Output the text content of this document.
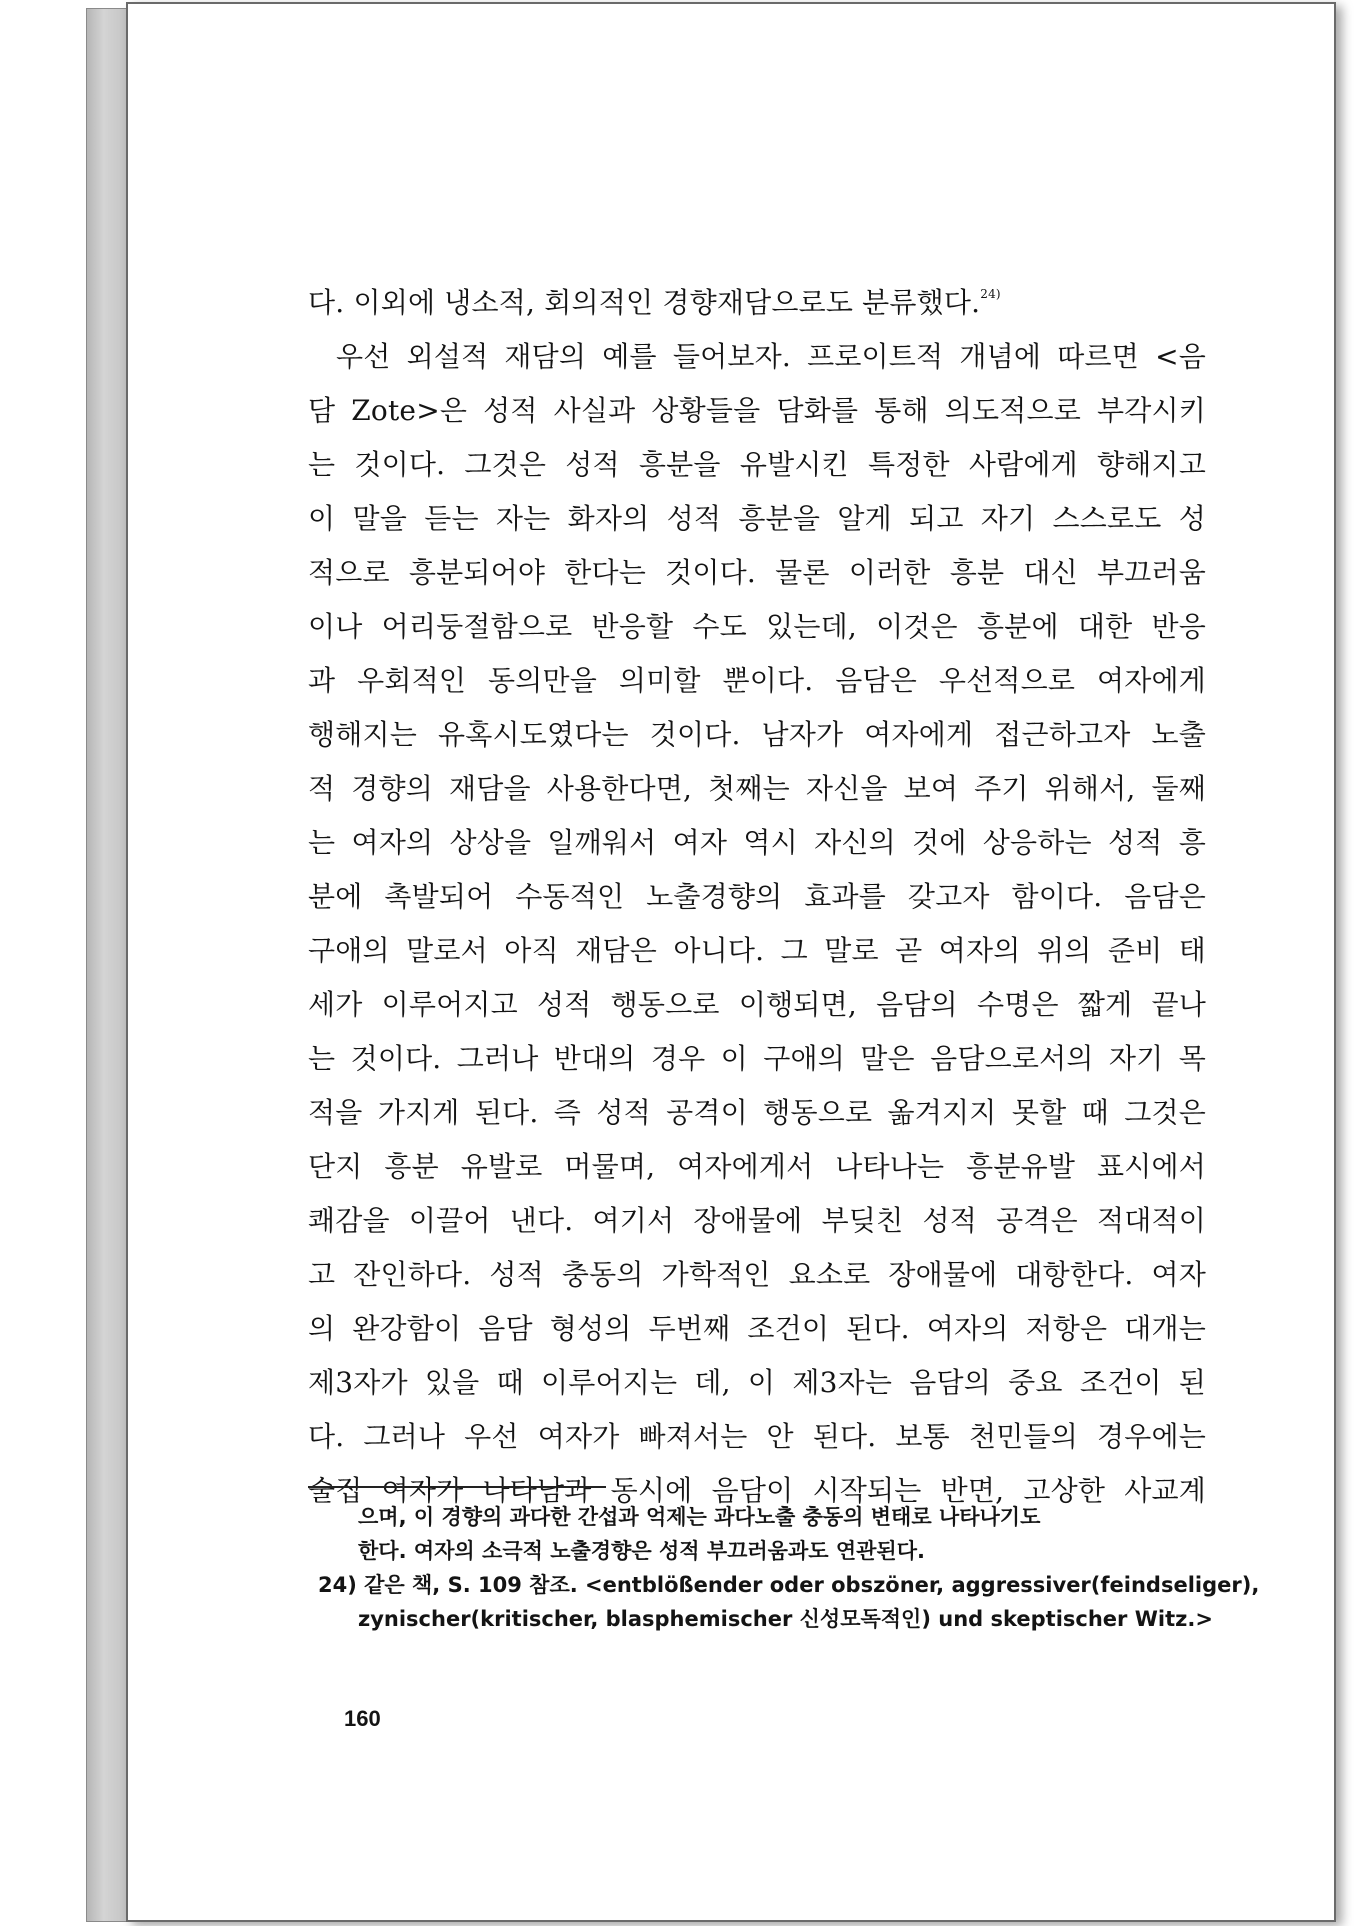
다. 이외에 냉소적, 회의적인 경향재담으로도 분류했다.$^{24)}$
우선 외설적 재담의 예를 들어보자. 프로이트적 개념에 따르면 <음
담 Zote>은 성적 사실과 상황들을 담화를 통해 의도적으로 부각시키
는 것이다. 그것은 성적 흥분을 유발시킨 특정한 사람에게 향해지고
이 말을 듣는 자는 화자의 성적 흥분을 알게 되고 자기 스스로도 성
적으로 흥분되어야 한다는 것이다. 물론 이러한 흥분 대신 부끄러움
이나 어리둥절함으로 반응할 수도 있는데, 이것은 흥분에 대한 반응
과 우회적인 동의만을 의미할 뿐이다. 음담은 우선적으로 여자에게
행해지는 유혹시도였다는 것이다. 남자가 여자에게 접근하고자 노출
적 경향의 재담을 사용한다면, 첫째는 자신을 보여 주기 위해서, 둘째
는 여자의 상상을 일깨워서 여자 역시 자신의 것에 상응하는 성적 흥
분에 촉발되어 수동적인 노출경향의 효과를 갖고자 함이다. 음담은
구애의 말로서 아직 재담은 아니다. 그 말로 곧 여자의 위의 준비 태
세가 이루어지고 성적 행동으로 이행되면, 음담의 수명은 짧게 끝나
는 것이다. 그러나 반대의 경우 이 구애의 말은 음담으로서의 자기 목
적을 가지게 된다. 즉 성적 공격이 행동으로 옮겨지지 못할 때 그것은
단지 흥분 유발로 머물며, 여자에게서 나타나는 흥분유발 표시에서
쾌감을 이끌어 낸다. 여기서 장애물에 부딪친 성적 공격은 적대적이
고 잔인하다. 성적 충동의 가학적인 요소로 장애물에 대항한다. 여자
의 완강함이 음담 형성의 두번째 조건이 된다. 여자의 저항은 대개는
제3자가 있을 때 이루어지는 데, 이 제3자는 음담의 중요 조건이 된
다. 그러나 우선 여자가 빠져서는 안 된다. 보통 천민들의 경우에는
술집 여자가 나타남과 동시에 음담이 시작되는 반면, 고상한 사교계
으며, 이 경향의 과다한 간섭과 억제는 과다노출 충동의 변태로 나타나기도
한다. 여자의 소극적 노출경향은 성적 부끄러움과도 연관된다.
24) 같은 책, S. 109 참조. <entblößender oder obszöner, aggressiver(feindseliger),
zynischer(kritischer, blasphemischer 신성모독적인) und skeptischer Witz.>
160
